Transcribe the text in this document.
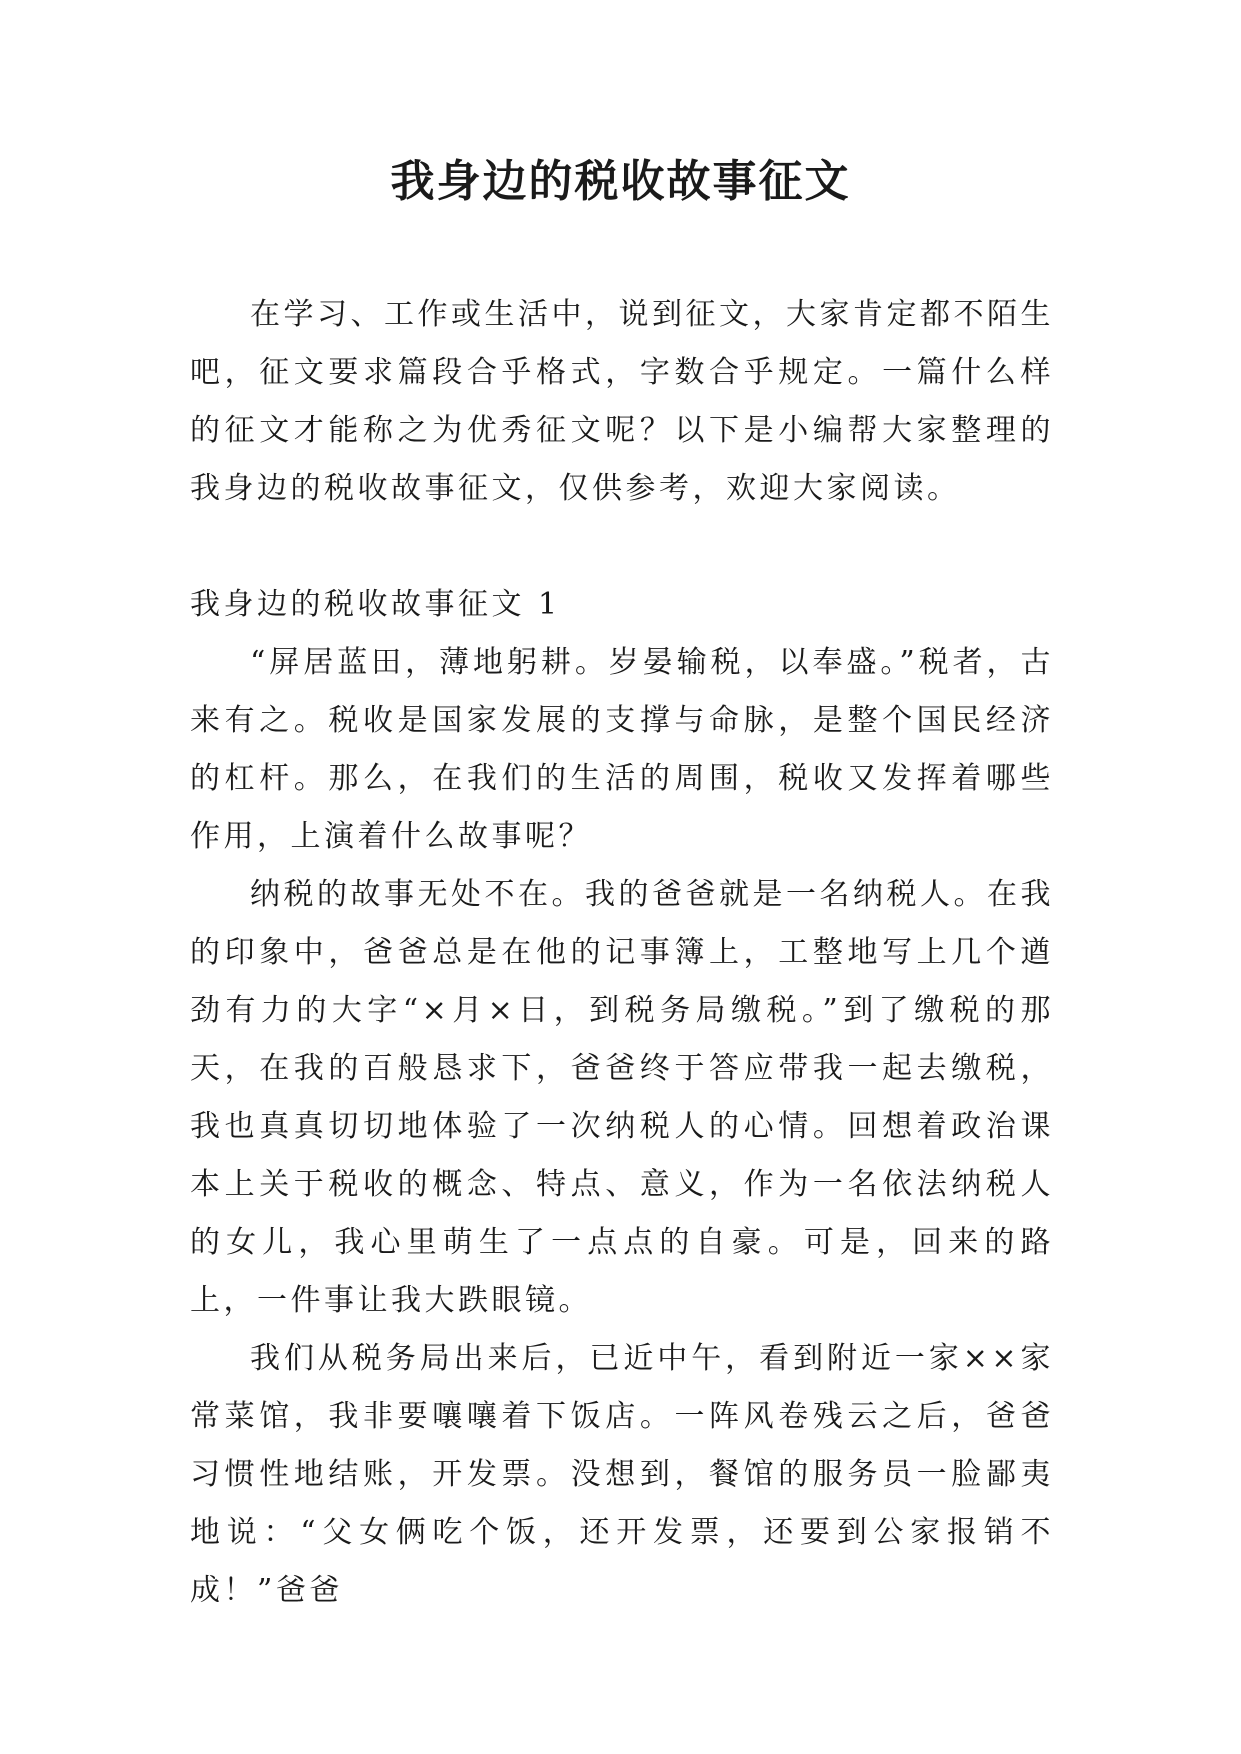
我身边的税收故事征文

在学习、工作或生活中，说到征文，大家肯定都不陌生吧，征文要求篇段合乎格式，字数合乎规定。一篇什么样的征文才能称之为优秀征文呢？以下是小编帮大家整理的我身边的税收故事征文，仅供参考，欢迎大家阅读。

我身边的税收故事征文 1

“屏居蓝田，薄地躬耕。岁晏输税，以奉盛。”税者，古来有之。税收是国家发展的支撑与命脉，是整个国民经济的杠杆。那么，在我们的生活的周围，税收又发挥着哪些作用，上演着什么故事呢？

纳税的故事无处不在。我的爸爸就是一名纳税人。在我的印象中，爸爸总是在他的记事簿上，工整地写上几个遒劲有力的大字“×月×日，到税务局缴税。”到了缴税的那天，在我的百般恳求下，爸爸终于答应带我一起去缴税，我也真真切切地体验了一次纳税人的心情。回想着政治课本上关于税收的概念、特点、意义，作为一名依法纳税人的女儿，我心里萌生了一点点的自豪。可是，回来的路上，一件事让我大跌眼镜。

我们从税务局出来后，已近中午，看到附近一家××家常菜馆，我非要嚷嚷着下饭店。一阵风卷残云之后，爸爸习惯性地结账，开发票。没想到，餐馆的服务员一脸鄙夷地说：“父女俩吃个饭，还开发票，还要到公家报销不成！”爸爸
